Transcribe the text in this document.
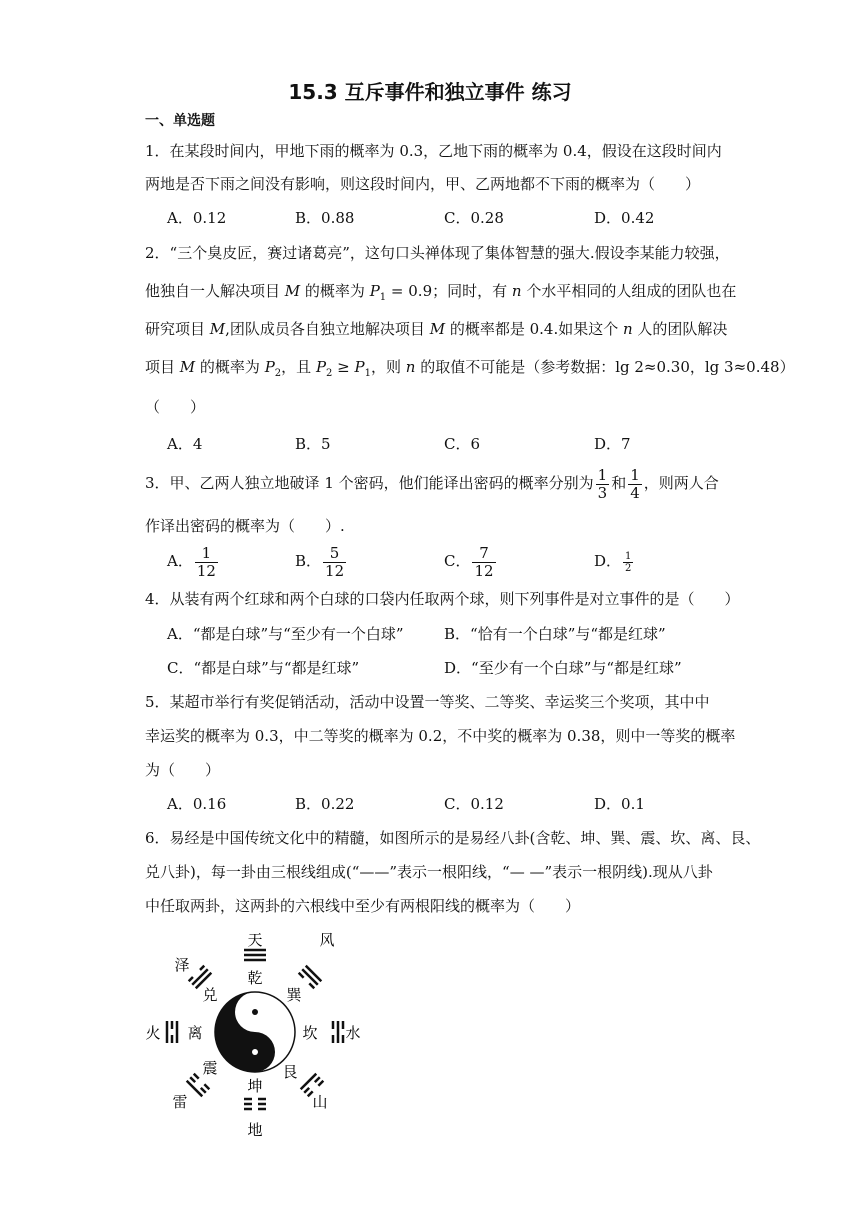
15.3 互斥事件和独立事件 练习
一、单选题
1．在某段时间内，甲地下雨的概率为 0.3，乙地下雨的概率为 0.4，假设在这段时间内
两地是否下雨之间没有影响，则这段时间内，甲、乙两地都不下雨的概率为（　　）
A．0.12	B．0.88	C．0.28	D．0.42
2．“三个臭皮匠，赛过诸葛亮”，这句口头禅体现了集体智慧的强大.假设李某能力较强，
他独自一人解决项目 M 的概率为 $P_1 = 0.9$；同时，有 n 个水平相同的人组成的团队也在
研究项目 M,团队成员各自独立地解决项目 M 的概率都是 0.4.如果这个 n 人的团队解决
项目 M 的概率为 $P_2$，且 $P_2 \ge P_1$，则 n 的取值不可能是（参考数据：lg 2≈0.30，lg 3≈0.48）
（　　）
A．4	B．5	C．6	D．7
3．甲、乙两人独立地破译 1 个密码，他们能译出密码的概率分别为 $\frac{1}{3}$ 和 $\frac{1}{4}$ ，则两人合
作译出密码的概率为（　　）.
A． $\frac{1}{12}$	B． $\frac{5}{12}$	C． $\frac{7}{12}$	D． $\frac{1}{2}$
4．从装有两个红球和两个白球的口袋内任取两个球，则下列事件是对立事件的是（　　）
A．“都是白球”与“至少有一个白球”	B．“恰有一个白球”与“都是红球”
C．“都是白球”与“都是红球”	D．“至少有一个白球”与“都是红球”
5．某超市举行有奖促销活动，活动中设置一等奖、二等奖、幸运奖三个奖项，其中中
幸运奖的概率为 0.3，中二等奖的概率为 0.2，不中奖的概率为 0.38，则中一等奖的概率
为（　　）
A．0.16	B．0.22	C．0.12	D．0.1
6．易经是中国传统文化中的精髓，如图所示的是易经八卦(含乾、坤、巽、震、坎、离、艮、
兑八卦)，每一卦由三根线组成(“——”表示一根阳线，“— —”表示一根阴线).现从八卦
中任取两卦，这两卦的六根线中至少有两根阳线的概率为（　　）
天	风
水
山
地
雷
火
泽
乾
巽
坎
艮
坤
震
离
兑
